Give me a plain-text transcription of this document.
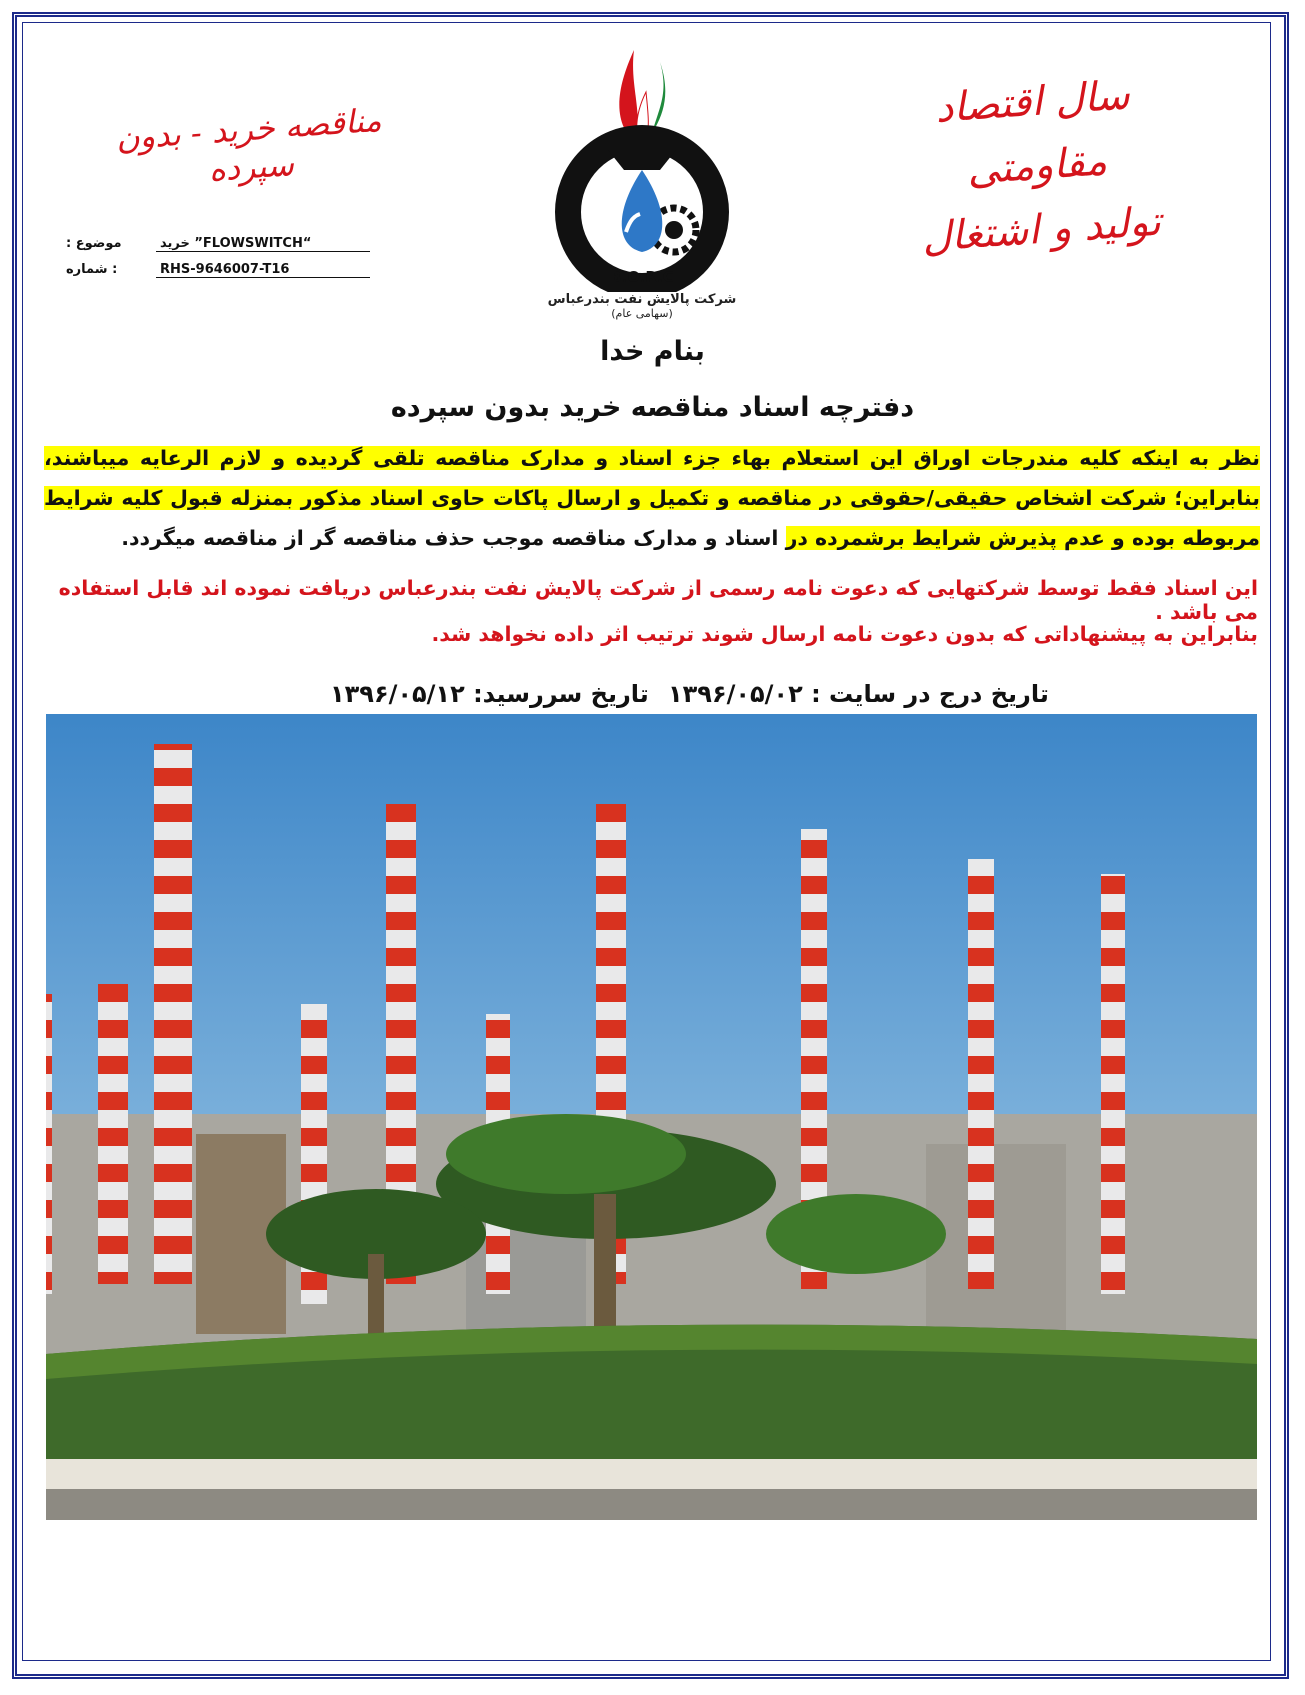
سال اقتصاد مقاومتی
تولید و اشتغال
مناقصه خرید - بدون سپرده
موضوع :	خرید ”FLOWSWITCH“
: شماره	RHS-9646007-T16	B.O.R.C
شرکت پالایش نفت بندرعباس
(سهامی عام)
بنام خدا
دفترچه اسناد مناقصه خرید بدون سپرده
نظر به اینکه کلیه مندرجات اوراق این استعلام بهاء جزء اسناد و مدارک مناقصه تلقی گردیده و لازم الرعایه میباشند، بنابراین؛ شرکت اشخاص حقیقی/حقوقی در مناقصه و تکمیل و ارسال پاکات حاوی اسناد مذکور بمنزله قبول کلیه شرایط مربوطه بوده و عدم پذیرش شرایط برشمرده در اسناد و مدارک مناقصه موجب حذف مناقصه گر از مناقصه میگردد.
این اسناد فقط توسط شرکتهایی که دعوت نامه رسمی از شرکت پالایش نفت بندرعباس دریافت نموده اند قابل استفاده می باشد .
بنابراین به پیشنهاداتی که بدون دعوت نامه ارسال شوند ترتیب اثر داده نخواهد شد.
تاریخ درج در سایت : ۱۳۹۶/۰۵/۰۲
تاریخ سررسید: ۱۳۹۶/۰۵/۱۲
